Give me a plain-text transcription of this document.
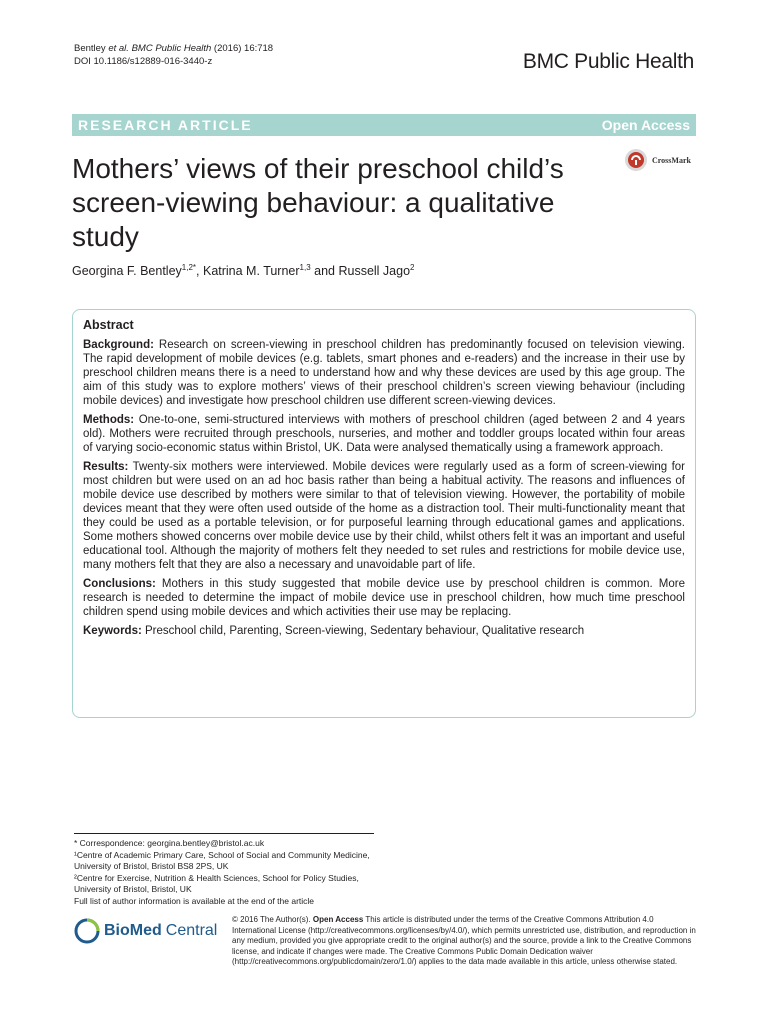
Bentley et al. BMC Public Health (2016) 16:718
DOI 10.1186/s12889-016-3440-z	BMC Public Health
RESEARCH ARTICLE	Open Access
Mothers’ views of their preschool child’s screen-viewing behaviour: a qualitative study
CrossMark
Georgina F. Bentley$^{1,2*}$, Katrina M. Turner$^{1,3}$ and Russell Jago$^2$
Abstract

Background: Research on screen-viewing in preschool children has predominantly focused on television viewing. The rapid development of mobile devices (e.g. tablets, smart phones and e-readers) and the increase in their use by preschool children means there is a need to understand how and why these devices are used by this age group. The aim of this study was to explore mothers’ views of their preschool children’s screen viewing behaviour (including mobile devices) and investigate how preschool children use different screen-viewing devices.

Methods: One-to-one, semi-structured interviews with mothers of preschool children (aged between 2 and 4 years old). Mothers were recruited through preschools, nurseries, and mother and toddler groups located within four areas of varying socio-economic status within Bristol, UK. Data were analysed thematically using a framework approach.

Results: Twenty-six mothers were interviewed. Mobile devices were regularly used as a form of screen-viewing for most children but were used on an ad hoc basis rather than being a habitual activity. The reasons and influences of mobile device use described by mothers were similar to that of television viewing. However, the portability of mobile devices meant that they were often used outside of the home as a distraction tool. Their multi-functionality meant that they could be used as a portable television, or for purposeful learning through educational games and applications. Some mothers showed concerns over mobile device use by their child, whilst others felt it was an important and useful educational tool. Although the majority of mothers felt they needed to set rules and restrictions for mobile device use, many mothers felt that they are also a necessary and unavoidable part of life.

Conclusions: Mothers in this study suggested that mobile device use by preschool children is common. More research is needed to determine the impact of mobile device use in preschool children, how much time preschool children spend using mobile devices and which activities their use may be replacing.

Keywords: Preschool child, Parenting, Screen-viewing, Sedentary behaviour, Qualitative research

* Correspondence: georgina.bentley@bristol.ac.uk

¹Centre of Academic Primary Care, School of Social and Community Medicine, University of Bristol, Bristol BS8 2PS, UK

²Centre for Exercise, Nutrition & Health Sciences, School for Policy Studies, University of Bristol, Bristol, UK

Full list of author information is available at the end of the article

BioMed Central
© 2016 The Author(s). Open Access This article is distributed under the terms of the Creative Commons Attribution 4.0 International License (http://creativecommons.org/licenses/by/4.0/), which permits unrestricted use, distribution, and reproduction in any medium, provided you give appropriate credit to the original author(s) and the source, provide a link to the Creative Commons license, and indicate if changes were made. The Creative Commons Public Domain Dedication waiver (http://creativecommons.org/publicdomain/zero/1.0/) applies to the data made available in this article, unless otherwise stated.
